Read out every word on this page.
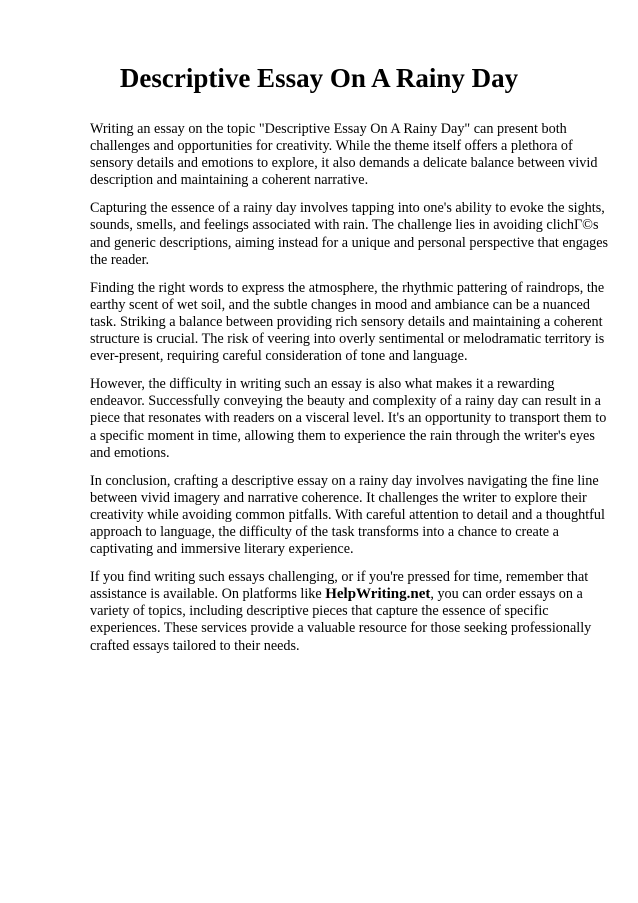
Descriptive Essay On A Rainy Day

Writing an essay on the topic "Descriptive Essay On A Rainy Day" can present both challenges and opportunities for creativity. While the theme itself offers a plethora of sensory details and emotions to explore, it also demands a delicate balance between vivid description and maintaining a coherent narrative.

Capturing the essence of a rainy day involves tapping into one's ability to evoke the sights, sounds, smells, and feelings associated with rain. The challenge lies in avoiding clichГ©s and generic descriptions, aiming instead for a unique and personal perspective that engages the reader.

Finding the right words to express the atmosphere, the rhythmic pattering of raindrops, the earthy scent of wet soil, and the subtle changes in mood and ambiance can be a nuanced task. Striking a balance between providing rich sensory details and maintaining a coherent structure is crucial. The risk of veering into overly sentimental or melodramatic territory is ever-present, requiring careful consideration of tone and language.

However, the difficulty in writing such an essay is also what makes it a rewarding endeavor. Successfully conveying the beauty and complexity of a rainy day can result in a piece that resonates with readers on a visceral level. It's an opportunity to transport them to a specific moment in time, allowing them to experience the rain through the writer's eyes and emotions.

In conclusion, crafting a descriptive essay on a rainy day involves navigating the fine line between vivid imagery and narrative coherence. It challenges the writer to explore their creativity while avoiding common pitfalls. With careful attention to detail and a thoughtful approach to language, the difficulty of the task transforms into a chance to create a captivating and immersive literary experience.

If you find writing such essays challenging, or if you're pressed for time, remember that assistance is available. On platforms like HelpWriting.net, you can order essays on a variety of topics, including descriptive pieces that capture the essence of specific experiences. These services provide a valuable resource for those seeking professionally crafted essays tailored to their needs.
